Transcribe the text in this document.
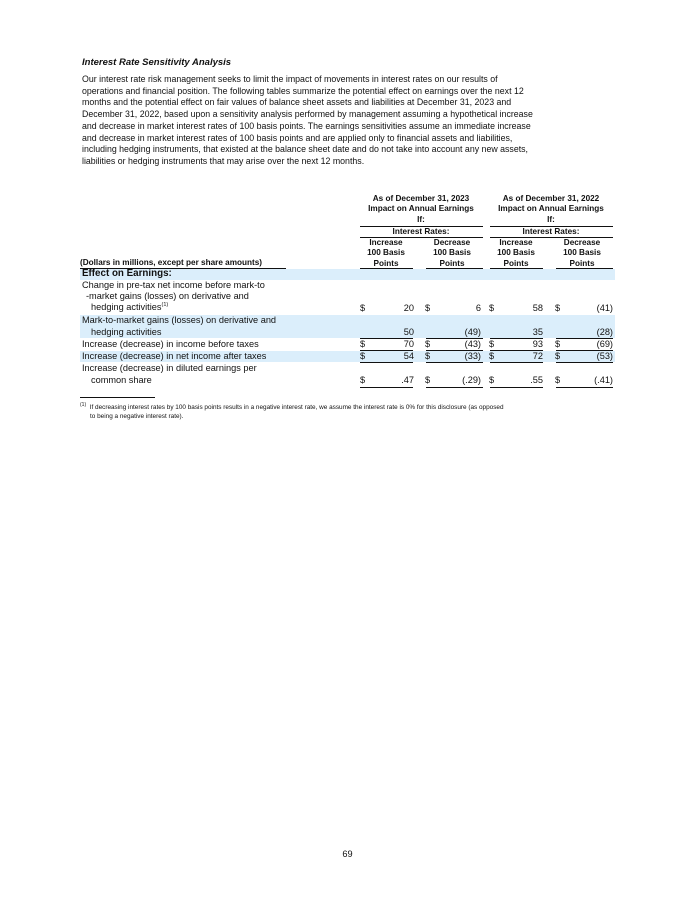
Interest Rate Sensitivity Analysis
Our interest rate risk management seeks to limit the impact of movements in interest rates on our results of
operations and financial position. The following tables summarize the potential effect on earnings over the next 12
months and the potential effect on fair values of balance sheet assets and liabilities at December 31, 2023 and
December 31, 2022, based upon a sensitivity analysis performed by management assuming a hypothetical increase
and decrease in market interest rates of 100 basis points. The earnings sensitivities assume an immediate increase
and decrease in market interest rates of 100 basis points and are applied only to financial assets and liabilities,
including hedging instruments, that existed at the balance sheet date and do not take into account any new assets,
liabilities or hedging instruments that may arise over the next 12 months.
As of December 31, 2023
Impact on Annual Earnings
If:
Interest Rates:
As of December 31, 2022
Impact on Annual Earnings
If:
Interest Rates:
Increase
100 Basis
Points
Decrease
100 Basis
Points
Increase
100 Basis
Points
Decrease
100 Basis
Points
(Dollars in millions, except per share amounts)
Effect on Earnings:
Change in pre-tax net income before mark-to
-market gains (losses) on derivative and
hedging activities$^{(1)}$	$	20 $	6 $	58 $	(41)
Mark-to-market gains (losses) on derivative and
hedging activities	50	(49)	35	(28)
Increase (decrease) in income before taxes	$	70 $	(43) $	93 $	(69)
Increase (decrease) in net income after taxes	$	54 $	(33) $	72 $	(53)
Increase (decrease) in diluted earnings per
common share	$	.47 $	(.29) $	.55 $	(.41)
$^{(1)}$ If decreasing interest rates by 100 basis points results in a negative interest rate, we assume the interest rate is 0% for this disclosure (as opposed
to being a negative interest rate).
69
